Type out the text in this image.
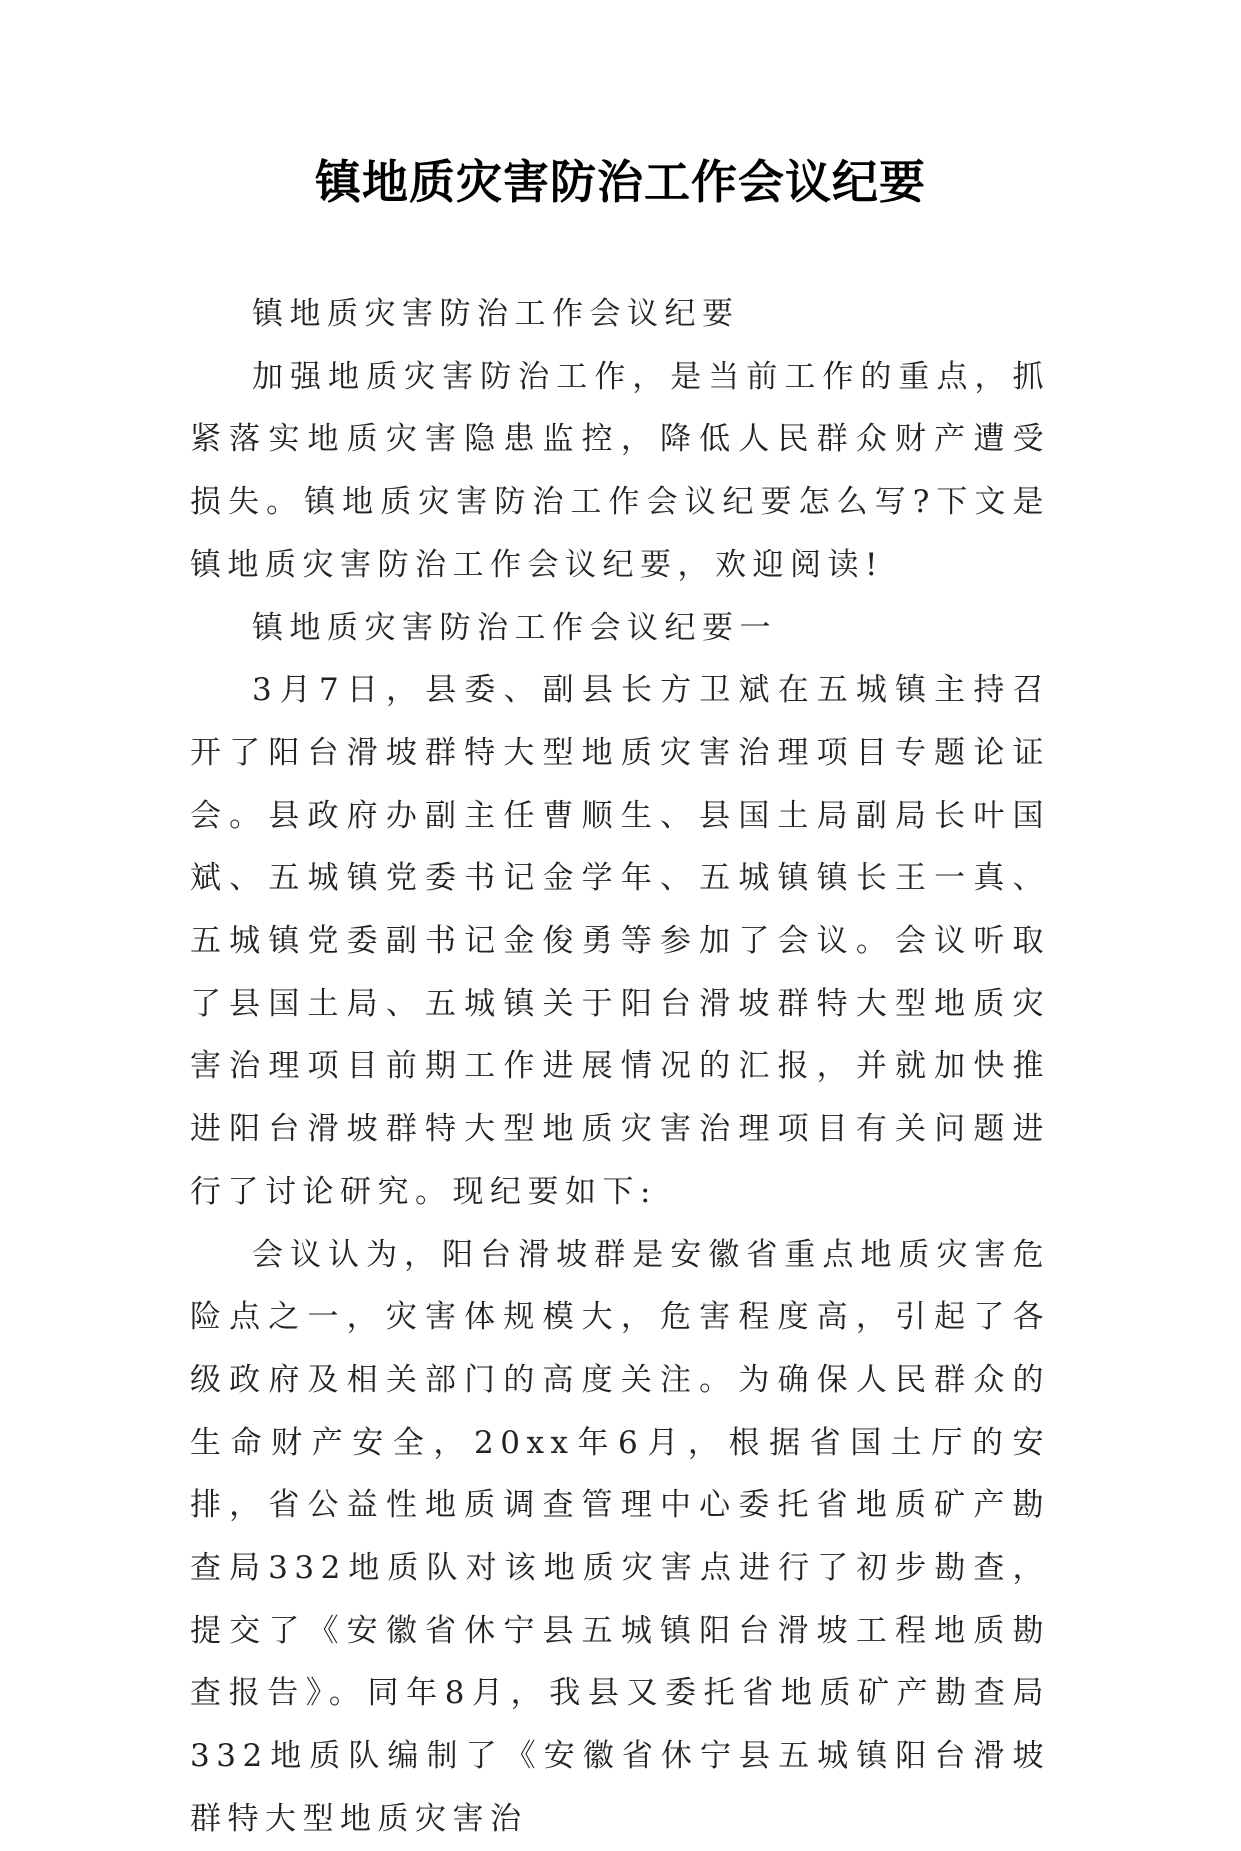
镇地质灾害防治工作会议纪要

镇地质灾害防治工作会议纪要

加强地质灾害防治工作，是当前工作的重点，抓紧落实地质灾害隐患监控，降低人民群众财产遭受损失。镇地质灾害防治工作会议纪要怎么写?下文是镇地质灾害防治工作会议纪要，欢迎阅读!

镇地质灾害防治工作会议纪要一

3月7日，县委、副县长方卫斌在五城镇主持召开了阳台滑坡群特大型地质灾害治理项目专题论证会。县政府办副主任曹顺生、县国土局副局长叶国斌、五城镇党委书记金学年、五城镇镇长王一真、五城镇党委副书记金俊勇等参加了会议。会议听取了县国土局、五城镇关于阳台滑坡群特大型地质灾害治理项目前期工作进展情况的汇报，并就加快推进阳台滑坡群特大型地质灾害治理项目有关问题进行了讨论研究。现纪要如下:

会议认为，阳台滑坡群是安徽省重点地质灾害危险点之一，灾害体规模大，危害程度高，引起了各级政府及相关部门的高度关注。为确保人民群众的生命财产安全，20xx年6月，根据省国土厅的安排，省公益性地质调查管理中心委托省地质矿产勘查局332地质队对该地质灾害点进行了初步勘查，提交了《安徽省休宁县五城镇阳台滑坡工程地质勘查报告》。同年8月，我县又委托省地质矿产勘查局332地质队编制了《安徽省休宁县五城镇阳台滑坡群特大型地质灾害治
